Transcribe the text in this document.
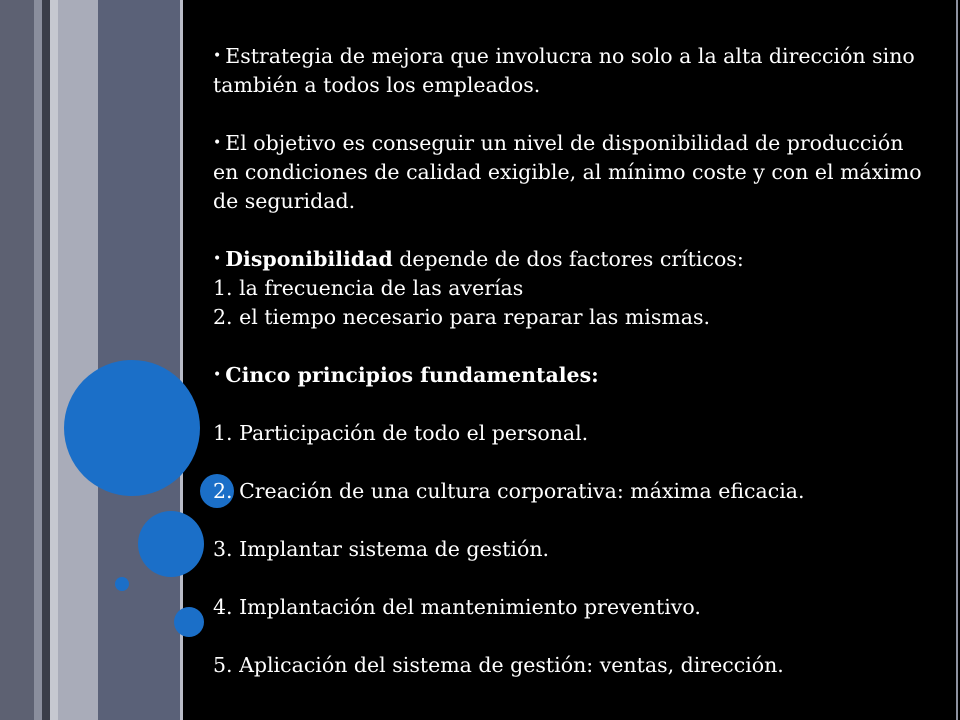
• Estrategia de mejora que involucra no solo a la alta dirección sino también a todos los empleados.

• El objetivo es conseguir un nivel de disponibilidad de producción en condiciones de calidad exigible, al mínimo coste y con el máximo de seguridad.

• Disponibilidad depende de dos factores críticos:

1. la frecuencia de las averías

2. el tiempo necesario para reparar las mismas.

• Cinco principios fundamentales:

1. Participación de todo el personal.

2. Creación de una cultura corporativa: máxima eficacia.

3. Implantar sistema de gestión.

4. Implantación del mantenimiento preventivo.

5. Aplicación del sistema de gestión: ventas, dirección.
